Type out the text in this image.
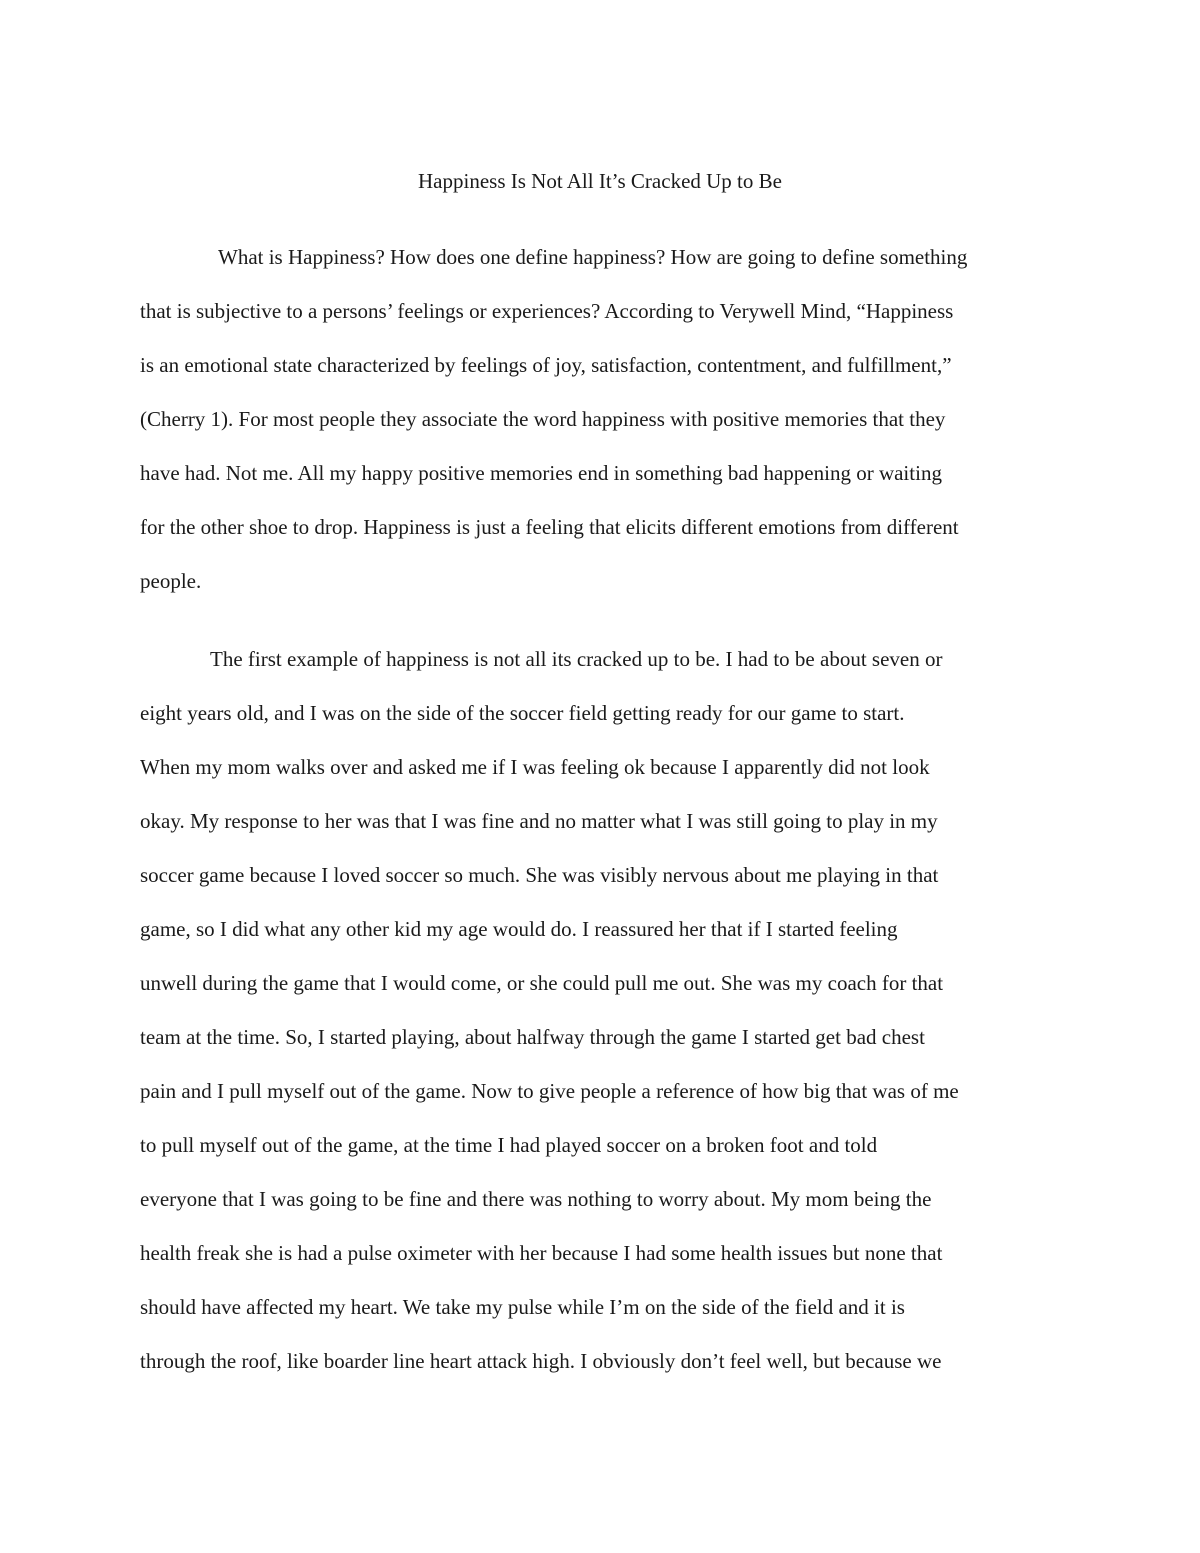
Happiness Is Not All It’s Cracked Up to Be
What is Happiness? How does one define happiness? How are going to define something
that is subjective to a persons’ feelings or experiences? According to Verywell Mind, “Happiness
is an emotional state characterized by feelings of joy, satisfaction, contentment, and fulfillment,”
(Cherry 1). For most people they associate the word happiness with positive memories that they
have had. Not me. All my happy positive memories end in something bad happening or waiting
for the other shoe to drop. Happiness is just a feeling that elicits different emotions from different
people.
The first example of happiness is not all its cracked up to be. I had to be about seven or
eight years old, and I was on the side of the soccer field getting ready for our game to start.
When my mom walks over and asked me if I was feeling ok because I apparently did not look
okay. My response to her was that I was fine and no matter what I was still going to play in my
soccer game because I loved soccer so much. She was visibly nervous about me playing in that
game, so I did what any other kid my age would do. I reassured her that if I started feeling
unwell during the game that I would come, or she could pull me out. She was my coach for that
team at the time. So, I started playing, about halfway through the game I started get bad chest
pain and I pull myself out of the game. Now to give people a reference of how big that was of me
to pull myself out of the game, at the time I had played soccer on a broken foot and told
everyone that I was going to be fine and there was nothing to worry about. My mom being the
health freak she is had a pulse oximeter with her because I had some health issues but none that
should have affected my heart. We take my pulse while I’m on the side of the field and it is
through the roof, like boarder line heart attack high. I obviously don’t feel well, but because we
